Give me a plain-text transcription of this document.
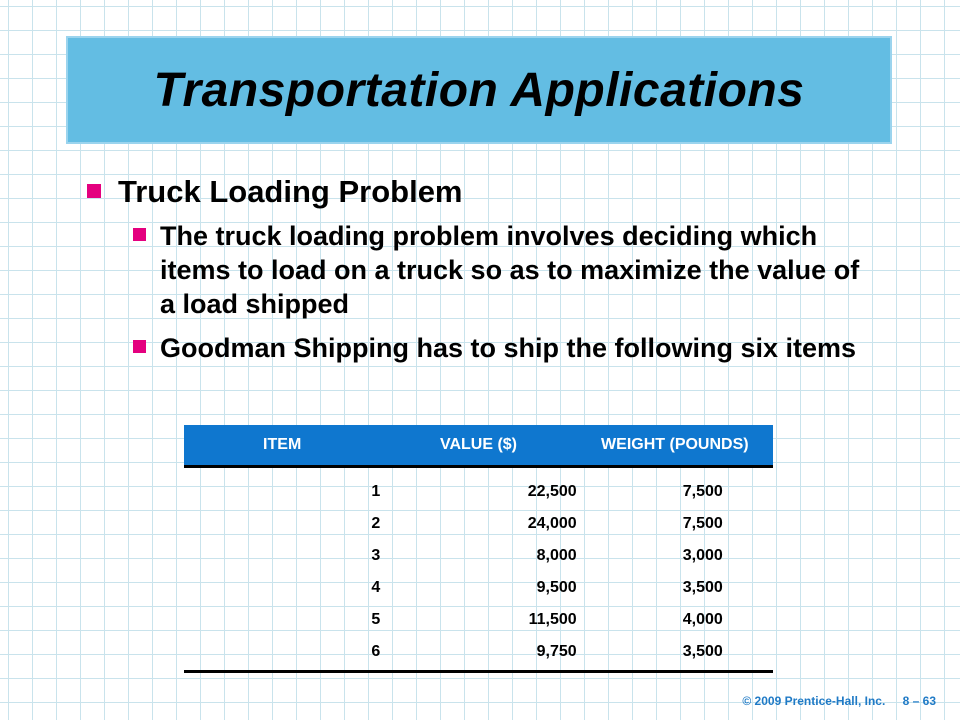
Transportation Applications

Truck Loading Problem

The truck loading problem involves deciding which items to load on a truck so as to maximize the value of a load shipped

Goodman Shipping has to ship the following six items

ITEM	VALUE ($)	WEIGHT (POUNDS)
1	22,500	7,500
2	24,000	7,500
3	8,000	3,000
4	9,500	3,500
5	11,500	4,000
6	9,750	3,500
© 2009 Prentice-Hall, Inc. 8 – 63
